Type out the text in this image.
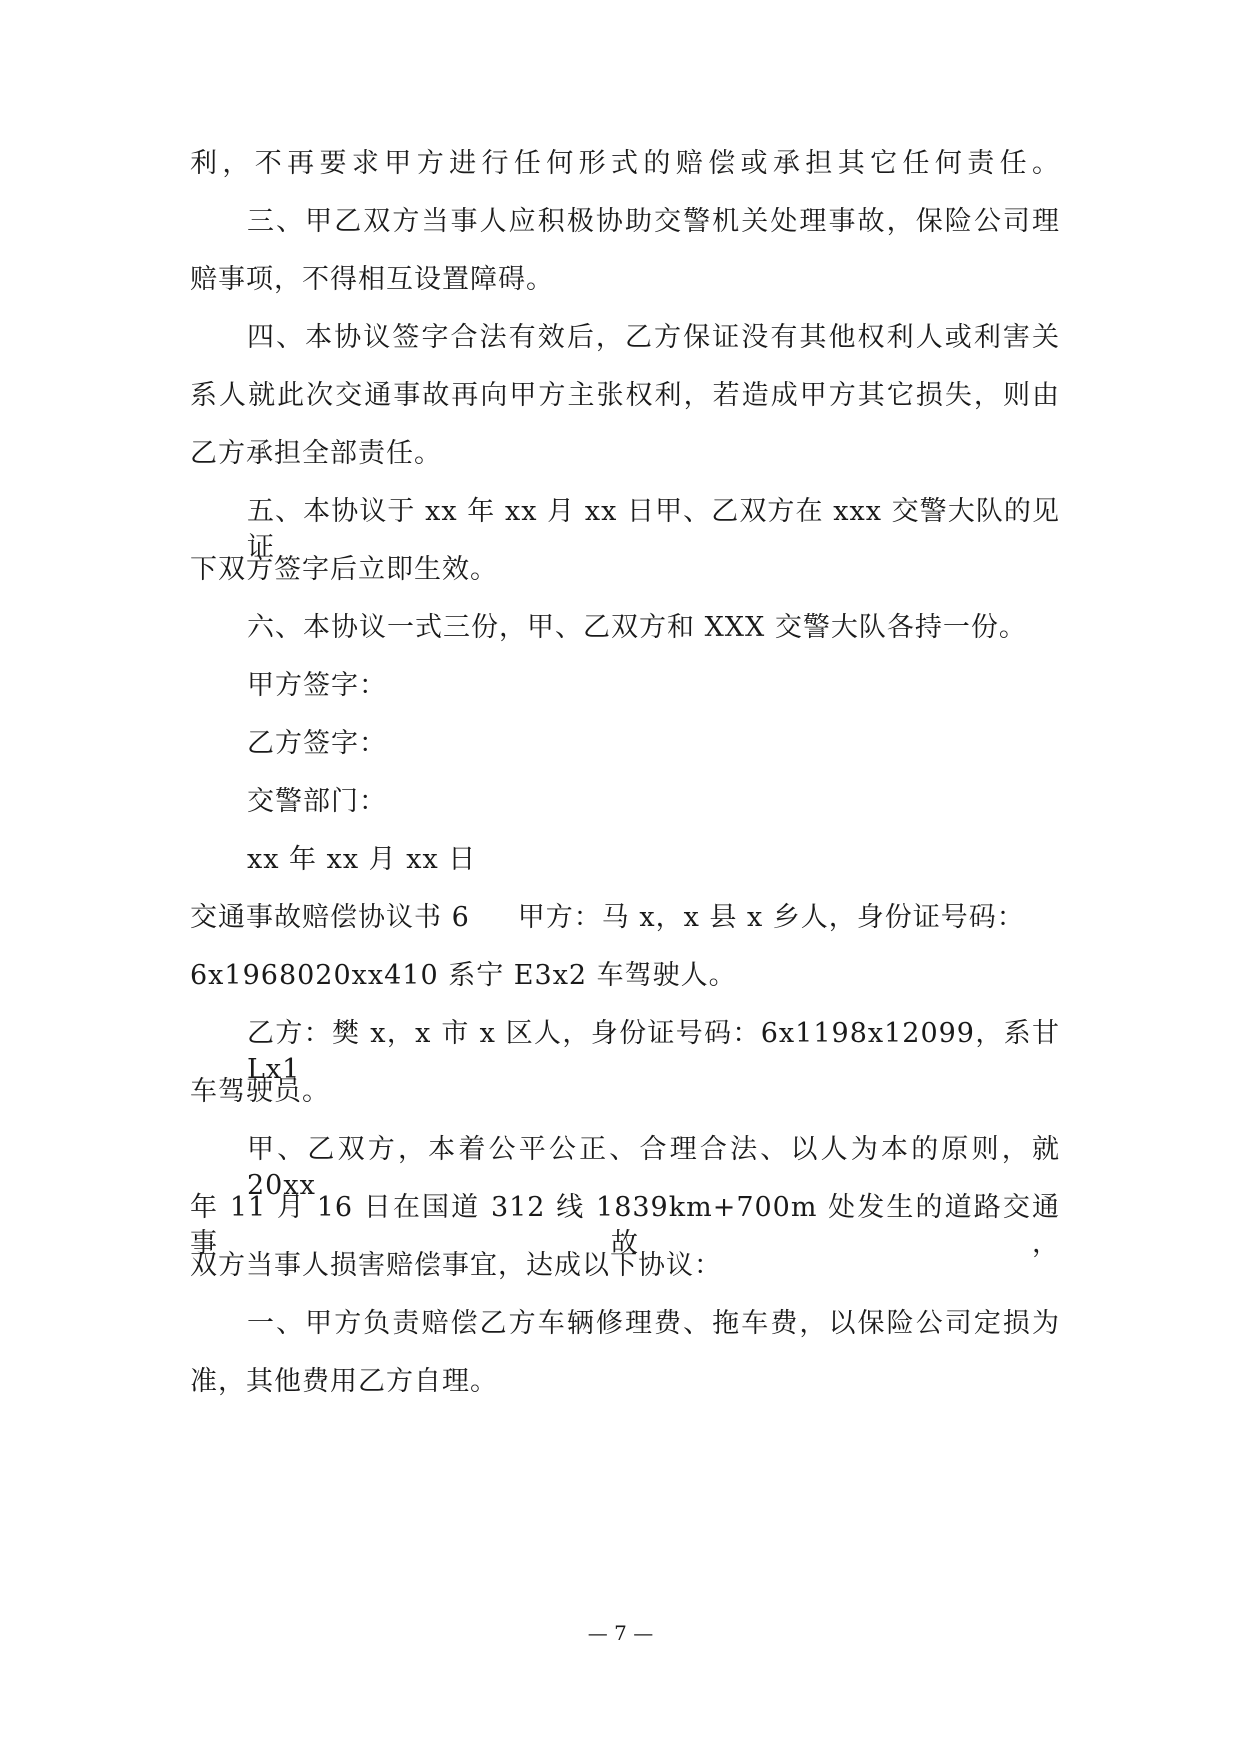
利，不再要求甲方进行任何形式的赔偿或承担其它任何责任。
三、甲乙双方当事人应积极协助交警机关处理事故，保险公司理
赔事项，不得相互设置障碍。
四、本协议签字合法有效后，乙方保证没有其他权利人或利害关
系人就此次交通事故再向甲方主张权利，若造成甲方其它损失，则由
乙方承担全部责任。
五、本协议于 xx 年 xx 月 xx 日甲、乙双方在 xxx 交警大队的见证
下双方签字后立即生效。
六、本协议一式三份，甲、乙双方和 XXX 交警大队各持一份。
甲方签字：
乙方签字：
交警部门：
xx 年 xx 月 xx 日
交通事故赔偿协议书 6 甲方：马 x，x 县 x 乡人，身份证号码：
6x1968020xx410 系宁 E3x2 车驾驶人。
乙方：樊 x，x 市 x 区人，身份证号码：6x1198x12099，系甘 Lx1
车驾驶员。
甲、乙双方，本着公平公正、合理合法、以人为本的原则，就 20xx
年 11 月 16 日在国道 312 线 1839km+700m 处发生的道路交通事故，
双方当事人损害赔偿事宜，达成以下协议：
一、甲方负责赔偿乙方车辆修理费、拖车费，以保险公司定损为
准，其他费用乙方自理。
— 7 —
